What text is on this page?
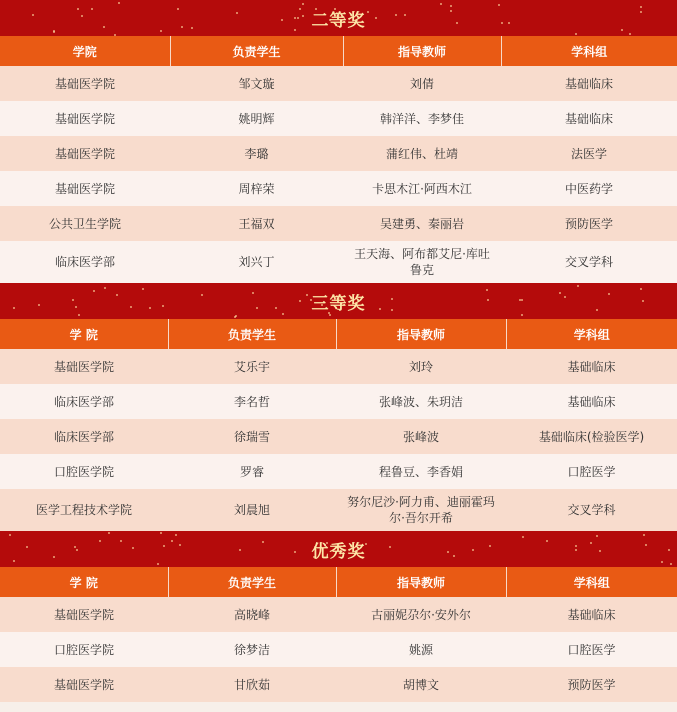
二等奖
学院	负责学生	指导教师	学科组
基础医学院	邹文璇	刘倩	基础临床
基础医学院	姚明辉	韩洋洋、李梦佳	基础临床
基础医学院	李璐	蒲红伟、杜靖	法医学
基础医学院	周梓荣	卡思木江·阿西木江	中医药学
公共卫生学院	王福双	吴建勇、秦丽岩	预防医学
临床医学部	刘兴丁	王天海、阿布都艾尼·库吐鲁克	交叉学科
三等奖
学 院	负责学生	指导教师	学科组
基础医学院	艾乐宇	刘玲	基础临床
临床医学部	李名哲	张峰波、朱玥洁	基础临床
临床医学部	徐瑞雪	张峰波	基础临床(检验医学)
口腔医学院	罗睿	程鲁豆、李香娟	口腔医学
医学工程技术学院	刘晨旭	努尔尼沙·阿力甫、迪丽霍玛尔·吾尔开希	交叉学科
优秀奖
学 院	负责学生	指导教师	学科组
基础医学院	高晓峰	古丽妮尕尔·安外尔	基础临床
口腔医学院	徐梦洁	姚源	口腔医学
基础医学院	甘欣茹	胡博文	预防医学
